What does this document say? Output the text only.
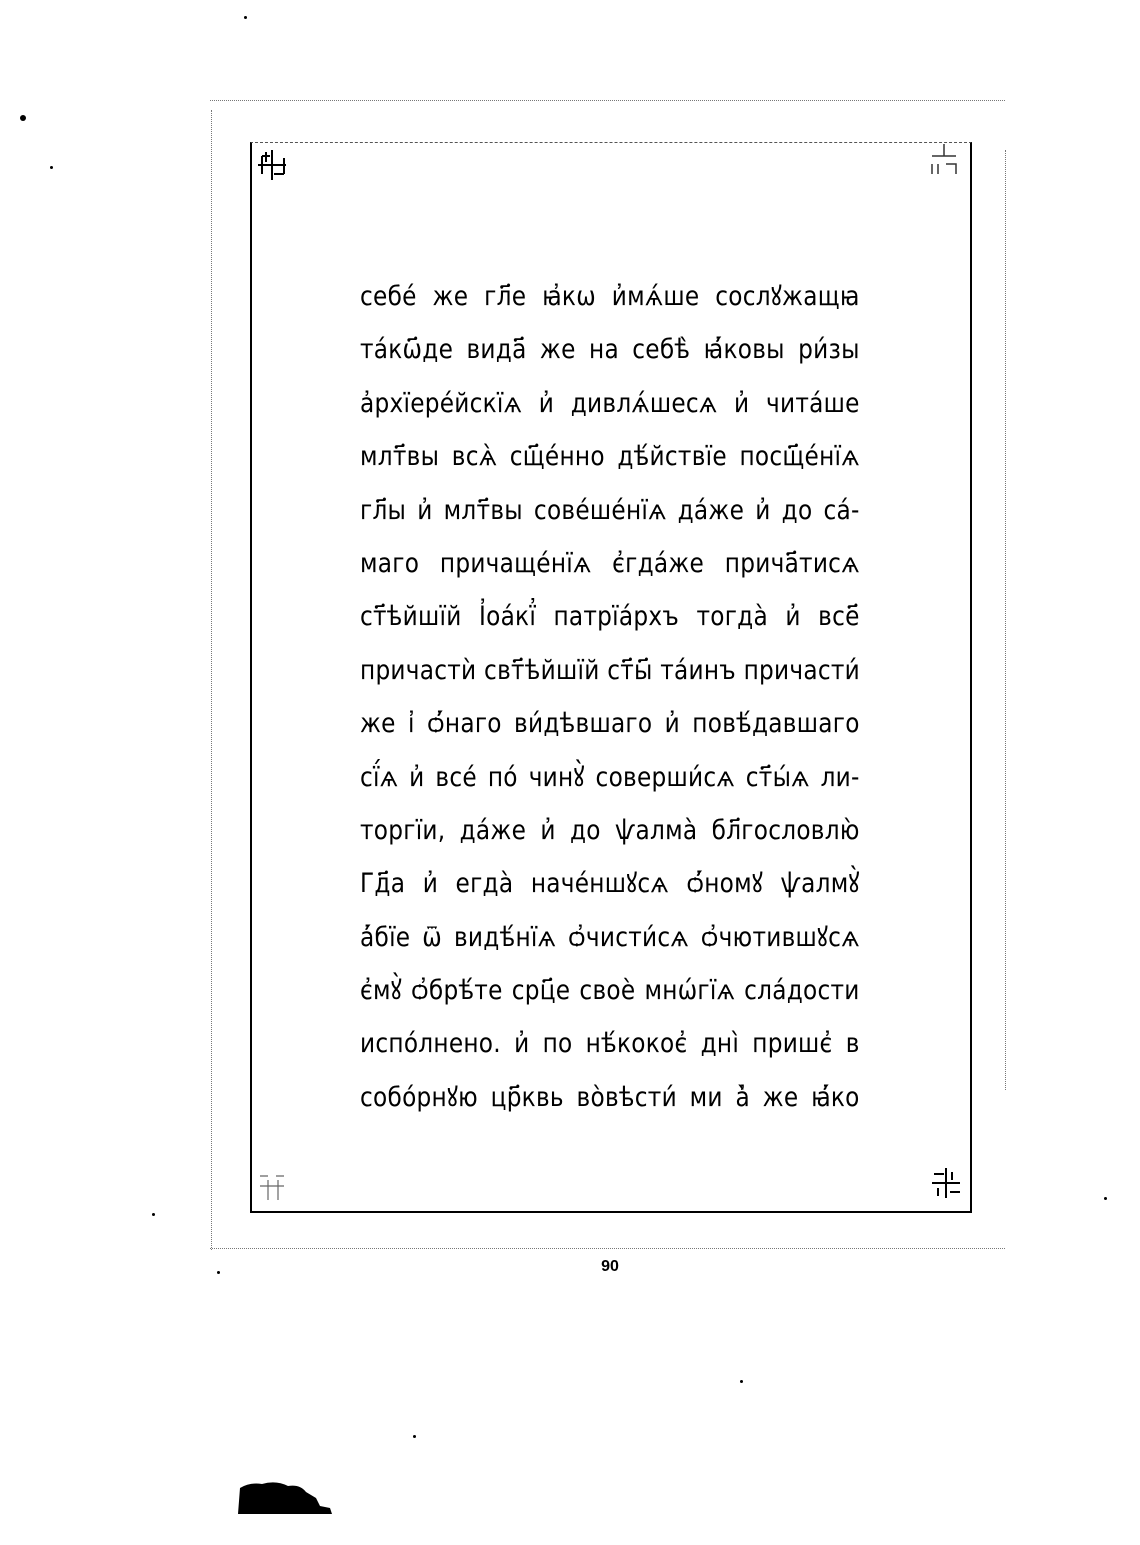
себе́ же гл҃е ꙗ҆кѡ и҆мѧ́ше сослꙋжащꙗ
та́кѡ҃де вида҃ же на себѣ̀ ꙗ҆́ковы ри́зы
а҆рхїере́йскїѧ и҆ дивлѧ́шесѧ и҆ чита́ше
млт҃вы всѧ̀ сщ҃е́нно дѣ́йствїе посщ҃е́нїѧ
гл҃ы и҆ млт҃вы сове́ше́нїѧ да́же и҆ до са́-
маго причаще́нїѧ є҆гда́же прича҃тисѧ
ст҃ѣйшїй І҆оа́кї҆ патрїа́рхъ тогда̀ и҆ все҃
причастѝ свт҃ѣйшїй ст҃ы҃ та́инъ причасти́
же і҆ ѻ҆́наго ви́дѣвшаго и҆ повѣ́давшаго
сї́ѧ и҆ все́ по́ чинꙋ̀ соверши́сѧ ст҃ы́ѧ ли-
торгїи, да́же и҆ до ѱалма̀ бл҃гословлю̀
Гд҃а и҆ егда̀ наче́ншꙋсѧ ѻ҆́номꙋ ѱалмꙋ̀
а҆́бїе ѿ видѣ́нїѧ ѻ҆чисти́сѧ ѻ҆чютившꙋсѧ
є҆мꙋ̀ ѻ҆брѣ́те срц҃е своѐ мнѡ́гїѧ сла́дости
испо́лнено. и҆ по нѣ́кокоє҆ дні̀ пришє҆ в
собо́рнꙋю цр҃квь во̀вѣсти́ ми а҆̀ же ꙗ҆́ко
90
